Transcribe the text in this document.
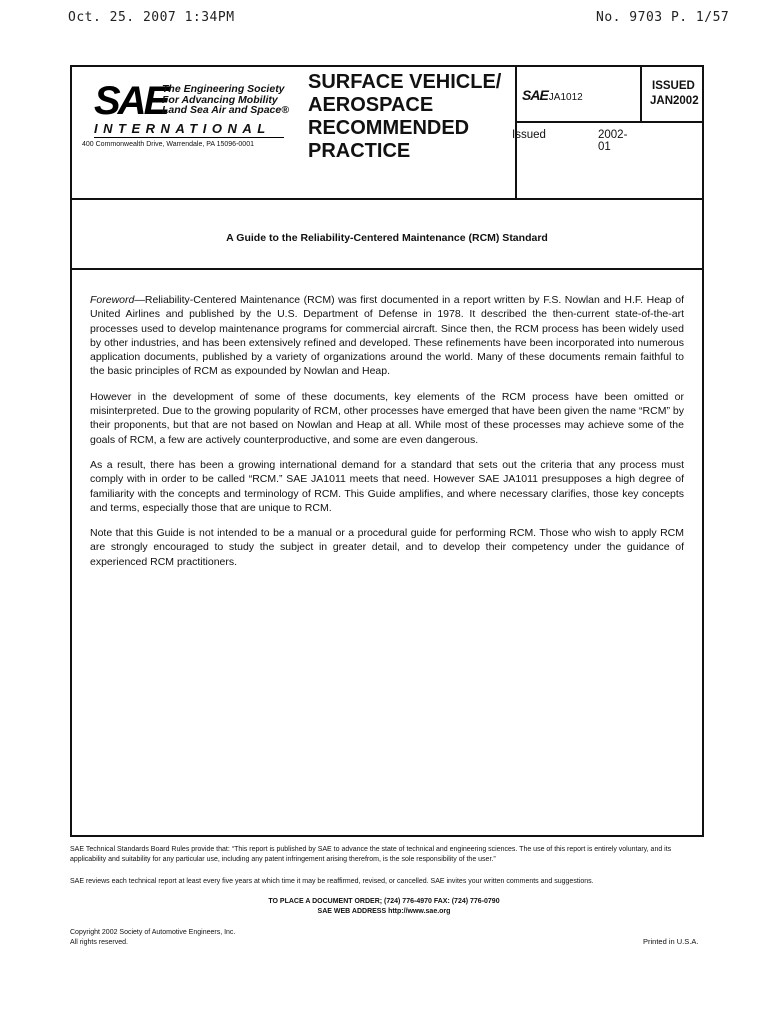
Oct. 25. 2007 1:34PM	No. 9703 P. 1/57
SAE
The Engineering Society
For Advancing Mobility
Land Sea Air and Space®
INTERNATIONAL
400 Commonwealth Drive, Warrendale, PA 15096-0001
SURFACE VEHICLE/
AEROSPACE
RECOMMENDED
PRACTICE
SAEJA1012
ISSUED
JAN2002
Issued	2002-01
A Guide to the Reliability-Centered Maintenance (RCM) Standard

Foreword—Reliability-Centered Maintenance (RCM) was first documented in a report written by F.S. Nowlan and H.F. Heap of United Airlines and published by the U.S. Department of Defense in 1978. It described the then-current state-of-the-art processes used to develop maintenance programs for commercial aircraft. Since then, the RCM process has been widely used by other industries, and has been extensively refined and developed. These refinements have been incorporated into numerous application documents, published by a variety of organizations around the world. Many of these documents remain faithful to the basic principles of RCM as expounded by Nowlan and Heap.

However in the development of some of these documents, key elements of the RCM process have been omitted or misinterpreted. Due to the growing popularity of RCM, other processes have emerged that have been given the name “RCM” by their proponents, but that are not based on Nowlan and Heap at all. While most of these processes may achieve some of the goals of RCM, a few are actively counterproductive, and some are even dangerous.

As a result, there has been a growing international demand for a standard that sets out the criteria that any process must comply with in order to be called “RCM.” SAE JA1011 meets that need. However SAE JA1011 presupposes a high degree of familiarity with the concepts and terminology of RCM. This Guide amplifies, and where necessary clarifies, those key concepts and terms, especially those that are unique to RCM.

Note that this Guide is not intended to be a manual or a procedural guide for performing RCM. Those who wish to apply RCM are strongly encouraged to study the subject in greater detail, and to develop their competency under the guidance of experienced RCM practitioners.

SAE Technical Standards Board Rules provide that: “This report is published by SAE to advance the state of technical and engineering sciences. The use of this report is entirely voluntary, and its applicability and suitability for any particular use, including any patent infringement arising therefrom, is the sole responsibility of the user.”
SAE reviews each technical report at least every five years at which time it may be reaffirmed, revised, or cancelled. SAE invites your written comments and suggestions.
TO PLACE A DOCUMENT ORDER; (724) 776-4970 FAX: (724) 776-0790
SAE WEB ADDRESS http://www.sae.org
Copyright 2002 Society of Automotive Engineers, Inc.
All rights reserved.	Printed in U.S.A.
